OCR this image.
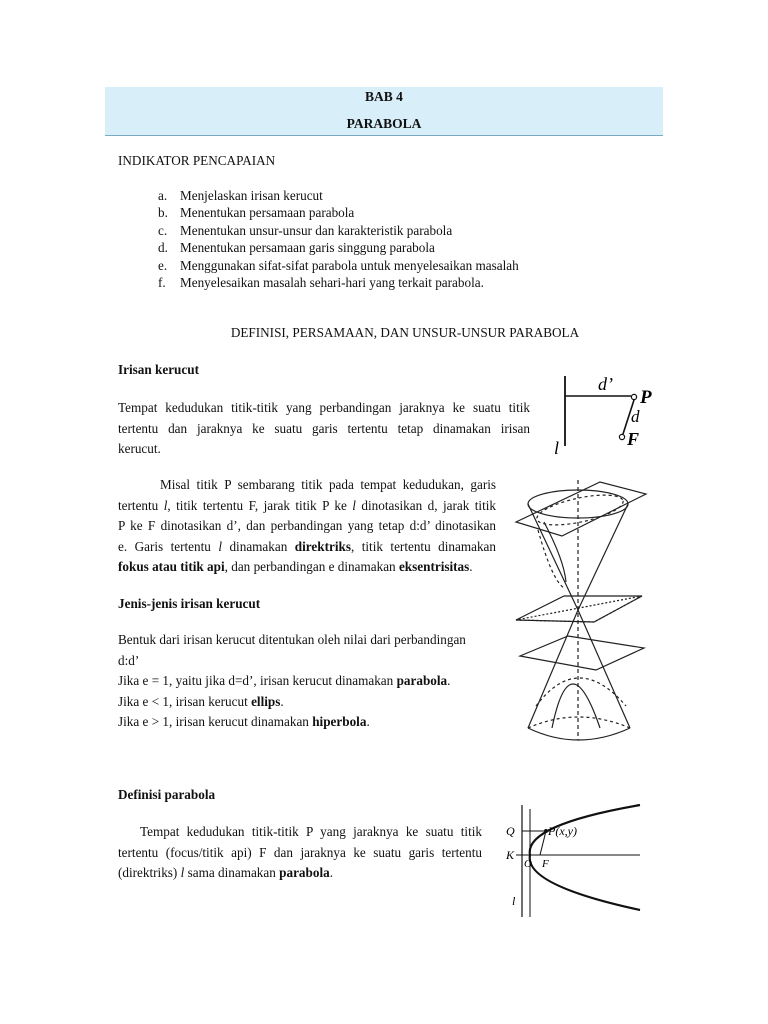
BAB 4
PARABOLA
INDIKATOR PENCAPAIAN
a. Menjelaskan irisan kerucut
b. Menentukan persamaan parabola
c. Menentukan unsur-unsur dan karakteristik parabola
d. Menentukan persamaan garis singgung parabola
e. Menggunakan sifat-sifat parabola untuk menyelesaikan masalah
f. Menyelesaikan masalah sehari-hari yang terkait parabola.
DEFINISI, PERSAMAAN, DAN UNSUR-UNSUR PARABOLA
Irisan kerucut

Tempat kedudukan titik-titik yang perbandingan jaraknya ke suatu titik

tertentu dan jaraknya ke suatu garis tertentu tetap dinamakan irisan

kerucut.

Misal titik P sembarang titik pada tempat kedudukan, garis

tertentu l, titik tertentu F, jarak titik P ke l dinotasikan d, jarak titik

P ke F dinotasikan d’, dan perbandingan yang tetap d:d’ dinotasikan

e. Garis tertentu l dinamakan direktriks, titik tertentu dinamakan

fokus atau titik api, dan perbandingan e dinamakan eksentrisitas.

Jenis-jenis irisan kerucut

Bentuk dari irisan kerucut ditentukan oleh nilai dari perbandingan

d:d’

Jika e = 1, yaitu jika d=d’, irisan kerucut dinamakan parabola.

Jika e < 1, irisan kerucut ellips.

Jika e > 1, irisan kerucut dinamakan hiperbola.

Definisi parabola

Tempat kedudukan titik-titik P yang jaraknya ke suatu titik

tertentu (focus/titik api) F dan jaraknya ke suatu garis tertentu

(direktriks) l sama dinamakan parabola.

d’
P
d
F
l
Q	P(x,y)
K
O F
l
